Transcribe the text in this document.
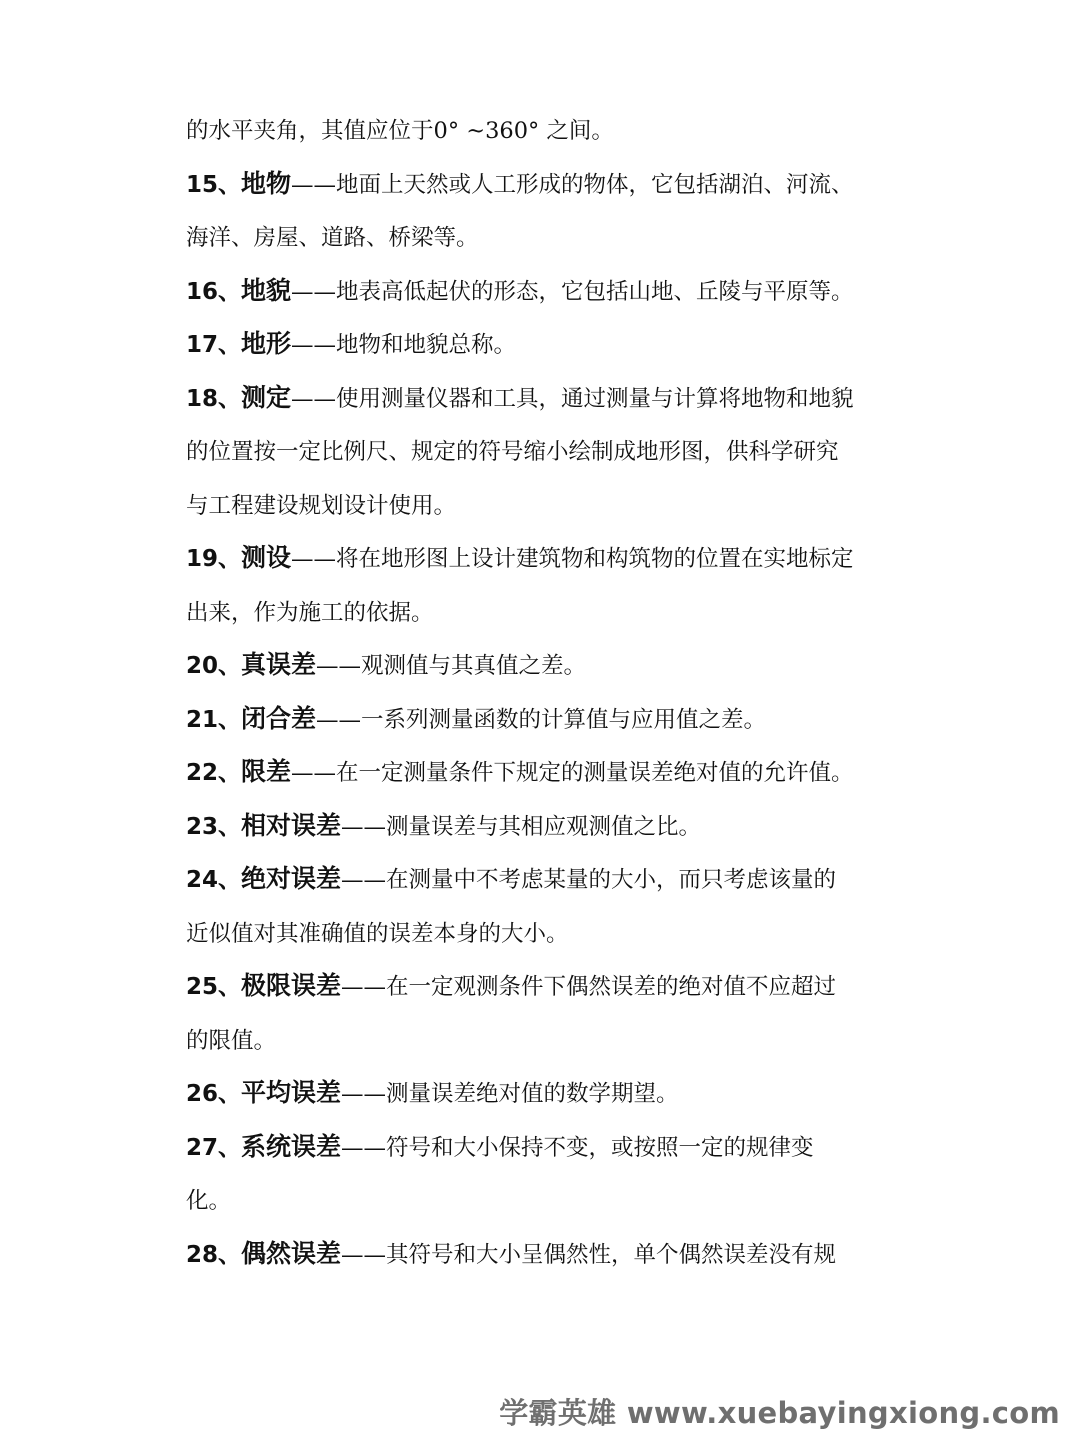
的水平夹角，其值应位于0° ~360° 之间。
15、地物——地面上天然或人工形成的物体，它包括湖泊、河流、
海洋、房屋、道路、桥梁等。
16、地貌——地表高低起伏的形态，它包括山地、丘陵与平原等。
17、地形——地物和地貌总称。
18、测定——使用测量仪器和工具，通过测量与计算将地物和地貌
的位置按一定比例尺、规定的符号缩小绘制成地形图，供科学研究
与工程建设规划设计使用。
19、测设——将在地形图上设计建筑物和构筑物的位置在实地标定
出来，作为施工的依据。
20、真误差——观测值与其真值之差。
21、闭合差——一系列测量函数的计算值与应用值之差。
22、限差——在一定测量条件下规定的测量误差绝对值的允许值。
23、相对误差——测量误差与其相应观测值之比。
24、绝对误差——在测量中不考虑某量的大小，而只考虑该量的
近似值对其准确值的误差本身的大小。
25、极限误差——在一定观测条件下偶然误差的绝对值不应超过
的限值。
26、平均误差——测量误差绝对值的数学期望。
27、系统误差——符号和大小保持不变，或按照一定的规律变
化。
28、偶然误差——其符号和大小呈偶然性，单个偶然误差没有规
学霸英雄 www.xuebayingxiong.com
